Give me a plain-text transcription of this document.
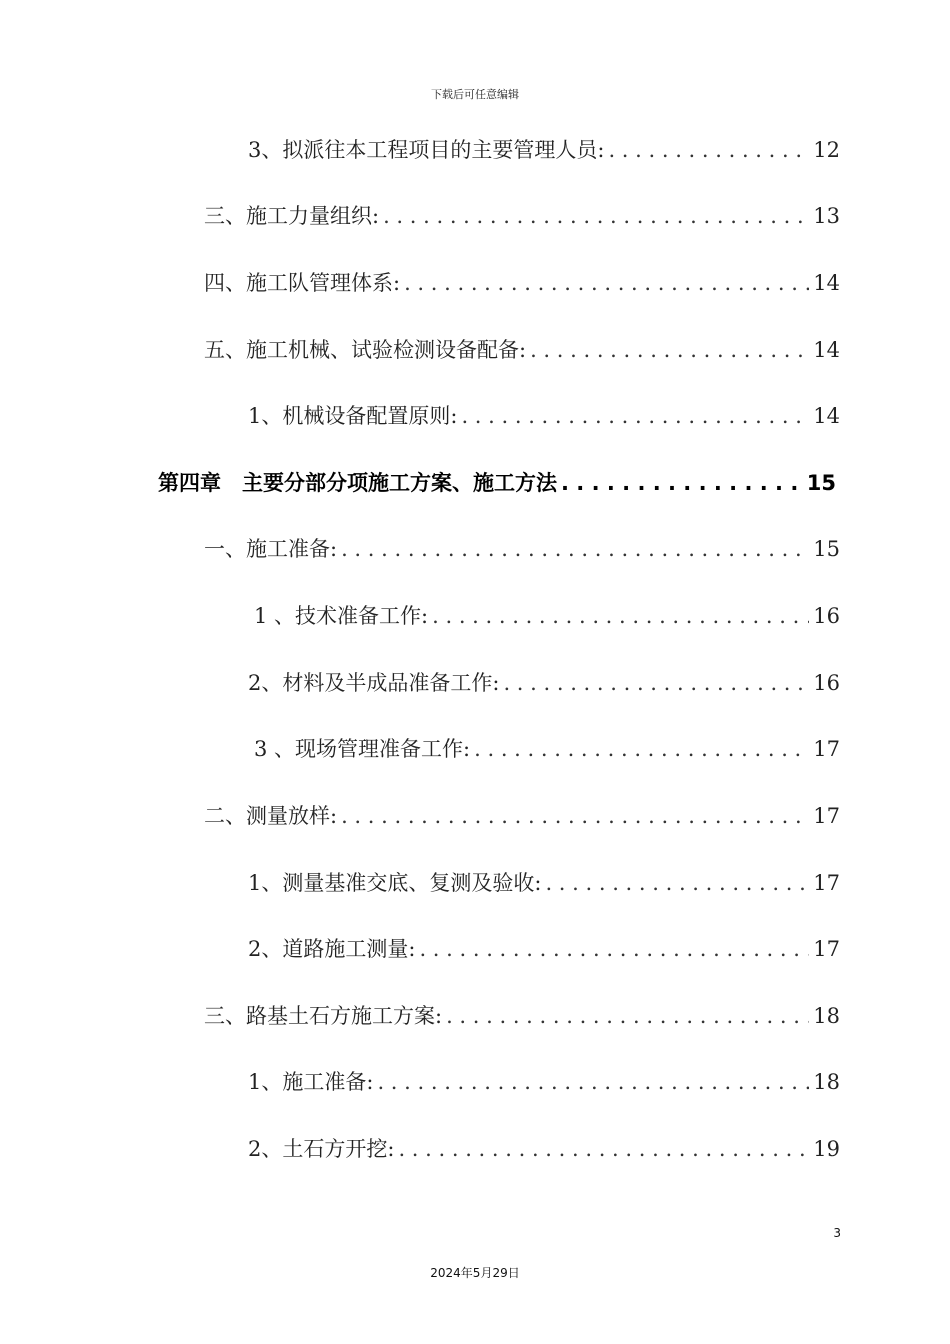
下载后可任意编辑
3、拟派往本工程项目的主要管理人员: . . .	12
三、施工力量组织: . . .	13
四、施工队管理体系: . . .	14
五、施工机械、试验检测设备配备: . . .	14
1、机械设备配置原则: . . .	14
第四章　主要分部分项施工方案、施工方法 . . .	15
一、施工准备: . . .	15
1 、技术准备工作: . . .	16
2、材料及半成品准备工作: . . .	16
3 、现场管理准备工作: . . .	17
二、测量放样: . . .	17
1、测量基准交底、复测及验收: . . .	17
2、道路施工测量: . . .	17
三、路基土石方施工方案: . . .	18
1、施工准备: . . .	18
2、土石方开挖: . . .	19
3
2024年5月29日
